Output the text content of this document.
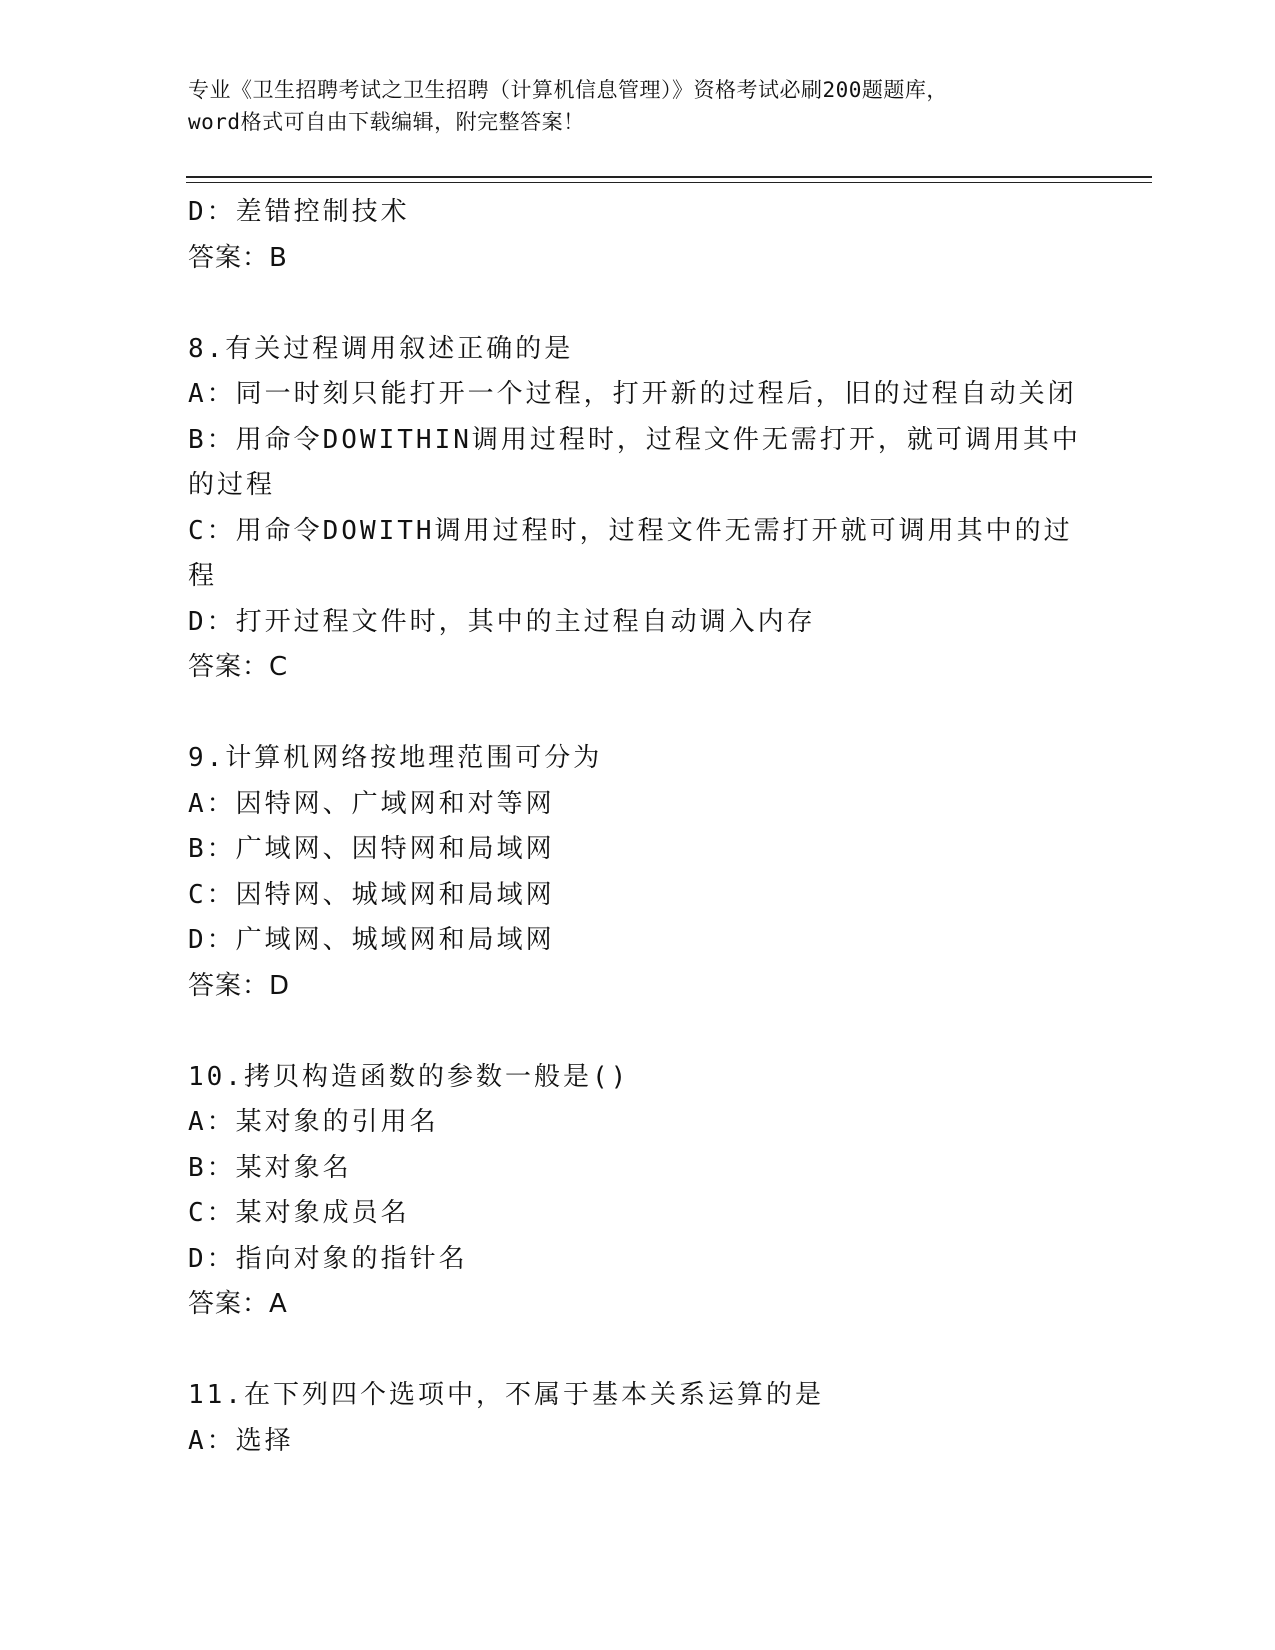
专业《卫生招聘考试之卫生招聘（计算机信息管理）》资格考试必刷200题题库，
word格式可自由下载编辑，附完整答案！
D：差错控制技术
答案：B
8.有关过程调用叙述正确的是
A：同一时刻只能打开一个过程，打开新的过程后，旧的过程自动关闭
B：用命令DOWITHIN调用过程时，过程文件无需打开，就可调用其中
的过程
C：用命令DOWITH调用过程时，过程文件无需打开就可调用其中的过
程
D：打开过程文件时，其中的主过程自动调入内存
答案：C
9.计算机网络按地理范围可分为
A：因特网、广域网和对等网
B：广域网、因特网和局域网
C：因特网、城域网和局域网
D：广域网、城域网和局域网
答案：D
10.拷贝构造函数的参数一般是()
A：某对象的引用名
B：某对象名
C：某对象成员名
D：指向对象的指针名
答案：A
11.在下列四个选项中，不属于基本关系运算的是
A：选择
